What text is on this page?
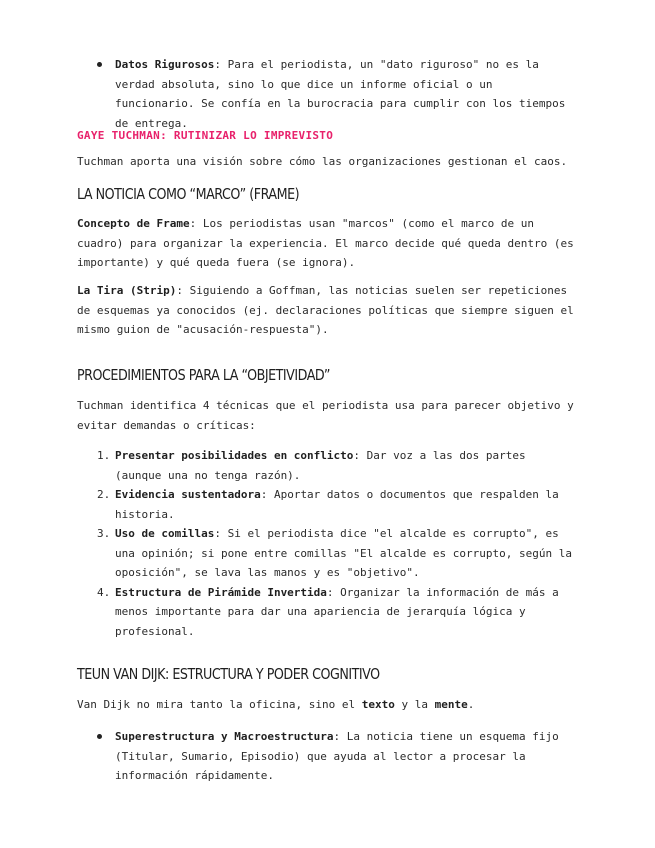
Datos Rigurosos: Para el periodista, un "dato riguroso" no es la verdad absoluta, sino lo que dice un informe oficial o un funcionario. Se confía en la burocracia para cumplir con los tiempos de entrega.
GAYE TUCHMAN: RUTINIZAR LO IMPREVISTO

Tuchman aporta una visión sobre cómo las organizaciones gestionan el caos.

LA NOTICIA COMO “MARCO” (FRAME)

Concepto de Frame: Los periodistas usan "marcos" (como el marco de un cuadro) para organizar la experiencia. El marco decide qué queda dentro (es importante) y qué queda fuera (se ignora).

La Tira (Strip): Siguiendo a Goffman, las noticias suelen ser repeticiones de esquemas ya conocidos (ej. declaraciones políticas que siempre siguen el mismo guion de "acusación-respuesta").

PROCEDIMIENTOS PARA LA “OBJETIVIDAD”

Tuchman identifica 4 técnicas que el periodista usa para parecer objetivo y evitar demandas o críticas:

1. Presentar posibilidades en conflicto: Dar voz a las dos partes (aunque una no tenga razón).
2. Evidencia sustentadora: Aportar datos o documentos que respalden la historia.
3. Uso de comillas: Si el periodista dice "el alcalde es corrupto", es una opinión; si pone entre comillas "El alcalde es corrupto, según la oposición", se lava las manos y es "objetivo".
4. Estructura de Pirámide Invertida: Organizar la información de más a menos importante para dar una apariencia de jerarquía lógica y profesional.
TEUN VAN DIJK: ESTRUCTURA Y PODER COGNITIVO

Van Dijk no mira tanto la oficina, sino el texto y la mente.

Superestructura y Macroestructura: La noticia tiene un esquema fijo (Titular, Sumario, Episodio) que ayuda al lector a procesar la información rápidamente.
